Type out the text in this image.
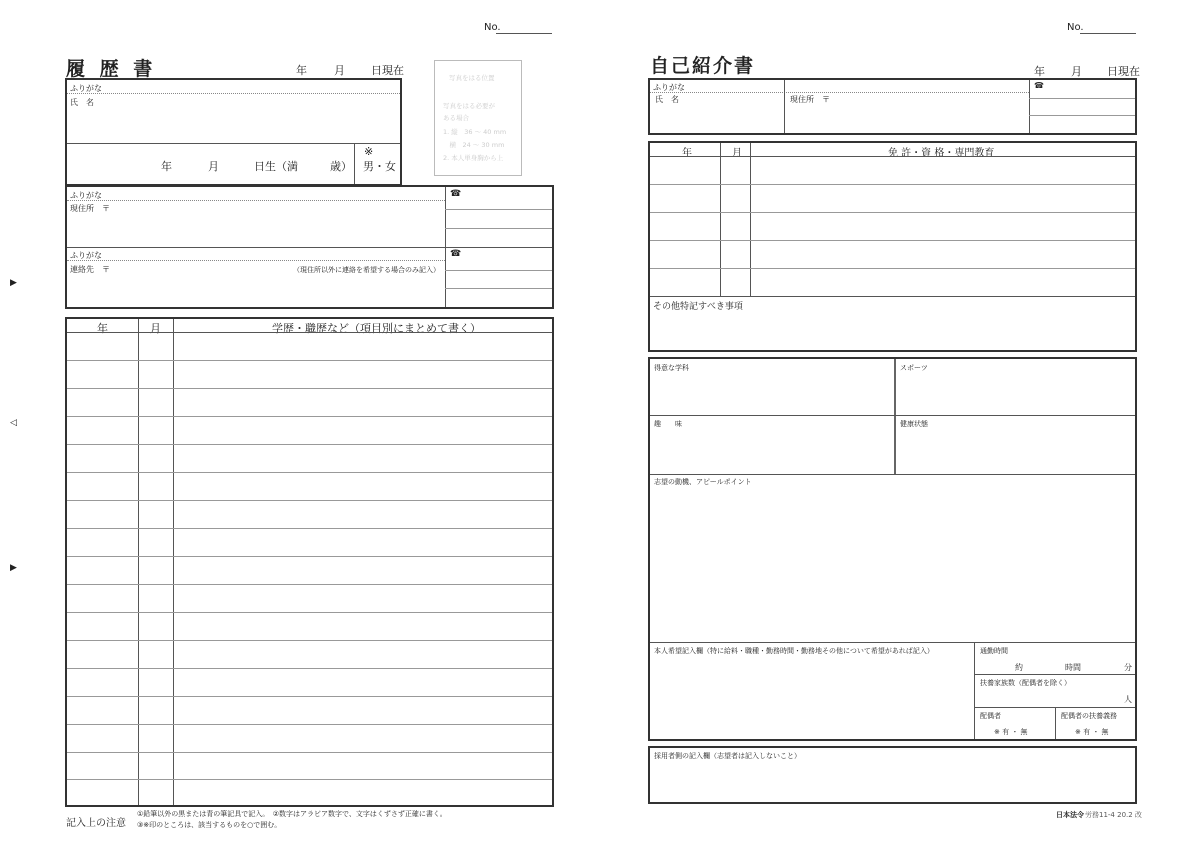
▶
◁
▶
No.
履 歴 書	年 月 日現在
ふりがな
氏　名
年	月	日生（満	歳）
※
男・女
写真をはる位置
写真をはる必要が
ある場合
1. 縦　36 ～ 40 mm
　横　24 ～ 30 mm
2. 本人単身胸から上
ふりがな
現住所　〒
☎
ふりがな
連絡先　〒	（現住所以外に連絡を希望する場合のみ記入）
☎
年	月	学歴・職歴など（項目別にまとめて書く）
記入上の注意
①鉛筆以外の黒または青の筆記具で記入。　②数字はアラビア数字で、文字はくずさず正確に書く。
③※印のところは、該当するものを○で囲む。
No.
自己紹介書	年 月 日現在
ふりがな
氏　名	現住所　〒
☎
年	月	免 許・資 格・専門教育
その他特記すべき事項
得意な学科	スポーツ
趣　　味	健康状態
志望の動機、アピールポイント
本人希望記入欄（特に給料・職種・勤務時間・勤務地その他について希望があれば記入）	通勤時間
約	時間	分
扶養家族数（配偶者を除く）
人
配偶者
※ 有 ・ 無
配偶者の扶養義務
※ 有 ・ 無
採用者側の記入欄（志望者は記入しないこと）
日本法令 労務11-4 20.2 改
